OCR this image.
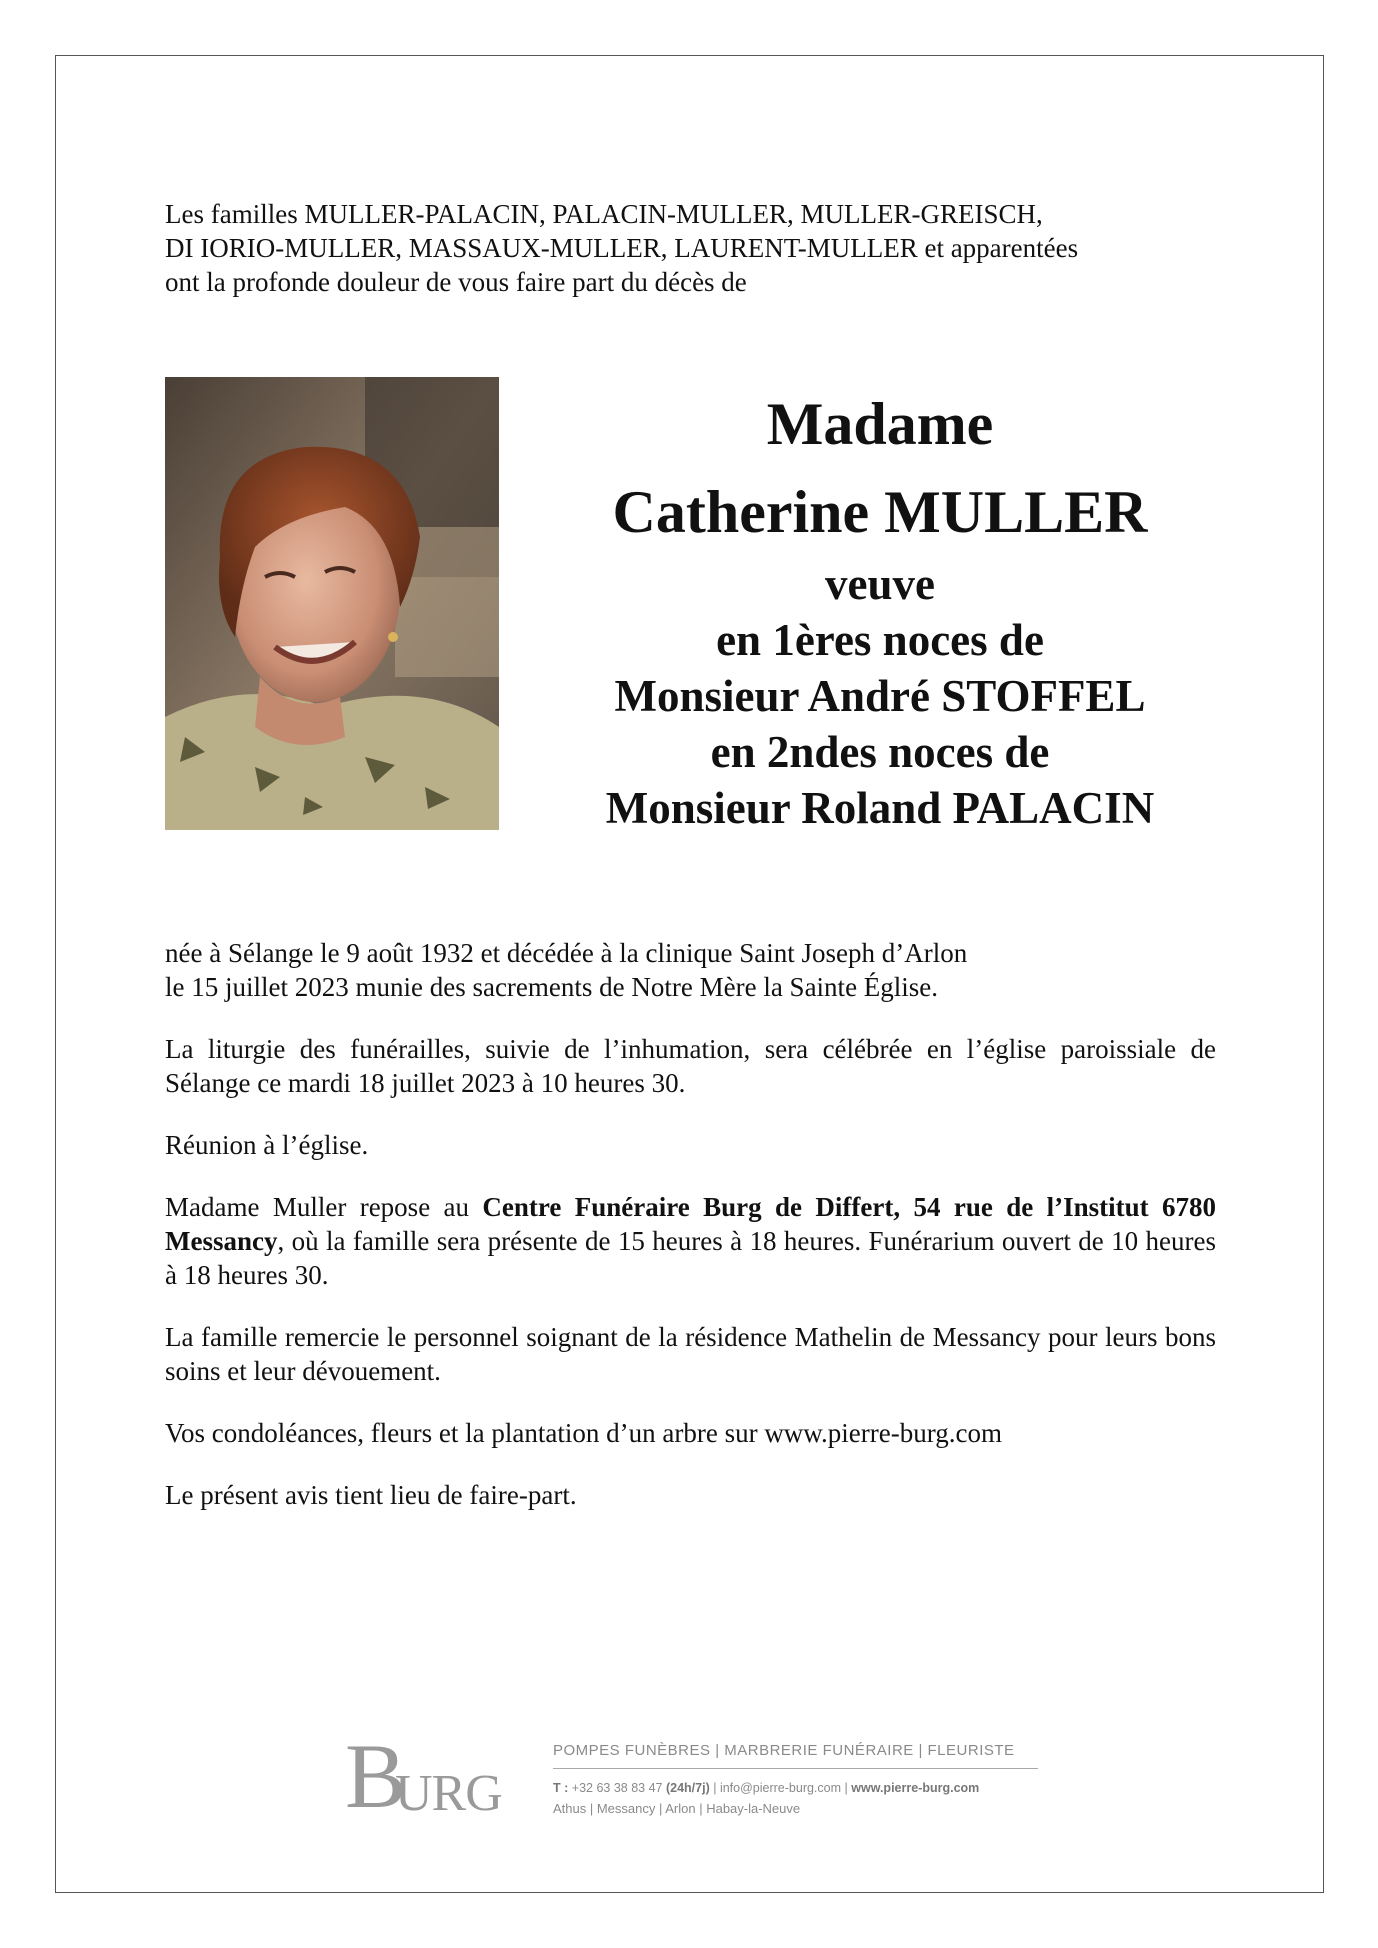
Les familles MULLER-PALACIN, PALACIN-MULLER, MULLER-GREISCH,
DI IORIO-MULLER, MASSAUX-MULLER, LAURENT-MULLER et apparentées
ont la profonde douleur de vous faire part du décès de
Madame
Catherine MULLER
veuve
en 1ères noces de
Monsieur André STOFFEL
en 2ndes noces de
Monsieur Roland PALACIN

née à Sélange le 9 août 1932 et décédée à la clinique Saint Joseph d’Arlon
le 15 juillet 2023 munie des sacrements de Notre Mère la Sainte Église.

La liturgie des funérailles, suivie de l’inhumation, sera célébrée en l’église paroissiale de Sélange ce mardi 18 juillet 2023 à 10 heures 30.

Réunion à l’église.

Madame Muller repose au Centre Funéraire Burg de Differt, 54 rue de l’Institut 6780 Messancy, où la famille sera présente de 15 heures à 18 heures. Funérarium ouvert de 10 heures à 18 heures 30.

La famille remercie le personnel soignant de la résidence Mathelin de Messancy pour leurs bons soins et leur dévouement.

Vos condoléances, fleurs et la plantation d’un arbre sur www.pierre-burg.com

Le présent avis tient lieu de faire-part.

B
URG
POMPES FUNÈBRES | MARBRERIE FUNÉRAIRE | FLEURISTE
T : +32 63 38 83 47 (24h/7j) | info@pierre-burg.com | www.pierre-burg.com
Athus | Messancy | Arlon | Habay-la-Neuve
